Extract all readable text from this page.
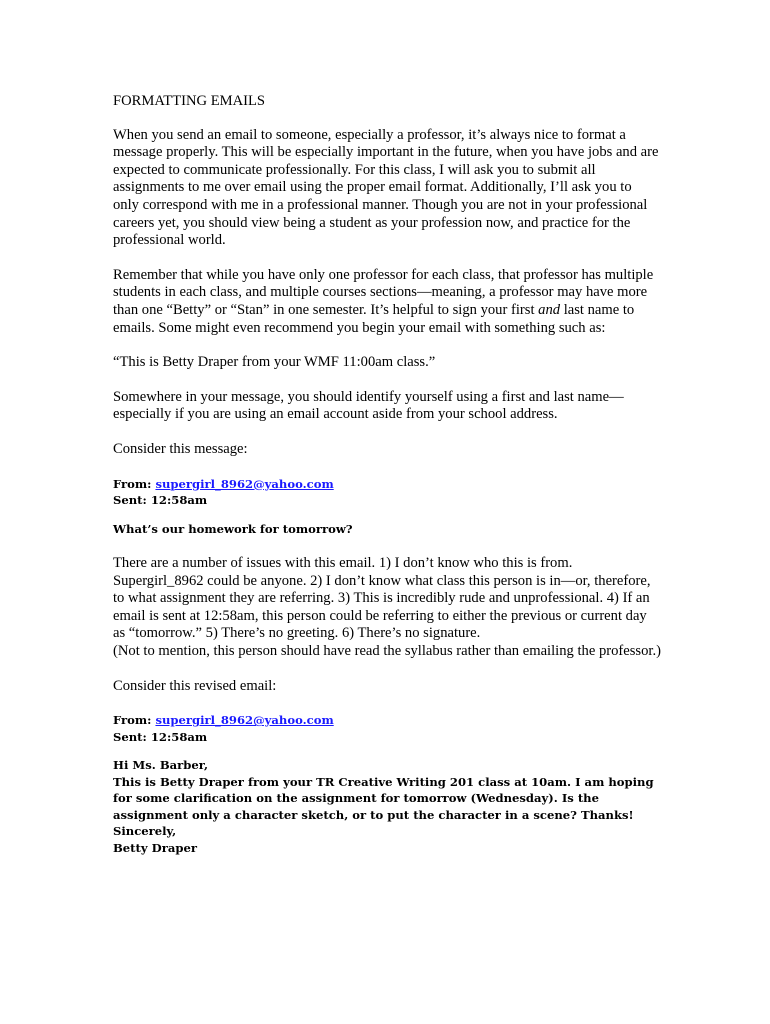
FORMATTING EMAILS

When you send an email to someone, especially a professor, it’s always nice to format a message properly. This will be especially important in the future, when you have jobs and are expected to communicate professionally. For this class, I will ask you to submit all assignments to me over email using the proper email format. Additionally, I’ll ask you to only correspond with me in a professional manner. Though you are not in your professional careers yet, you should view being a student as your profession now, and practice for the professional world.

Remember that while you have only one professor for each class, that professor has multiple students in each class, and multiple courses sections—meaning, a professor may have more than one “Betty” or “Stan” in one semester. It’s helpful to sign your first and last name to emails. Some might even recommend you begin your email with something such as:

“This is Betty Draper from your WMF 11:00am class.”

Somewhere in your message, you should identify yourself using a first and last name—especially if you are using an email account aside from your school address.

Consider this message:

From: supergirl_8962@yahoo.com

Sent: 12:58am

What’s our homework for tomorrow?

There are a number of issues with this email. 1) I don’t know who this is from. Supergirl_8962 could be anyone. 2) I don’t know what class this person is in—or, therefore, to what assignment they are referring. 3) This is incredibly rude and unprofessional. 4) If an email is sent at 12:58am, this person could be referring to either the previous or current day as “tomorrow.” 5) There’s no greeting. 6) There’s no signature.

(Not to mention, this person should have read the syllabus rather than emailing the professor.)

Consider this revised email:

From: supergirl_8962@yahoo.com

Sent: 12:58am

Hi Ms. Barber,

This is Betty Draper from your TR Creative Writing 201 class at 10am. I am hoping for some clarification on the assignment for tomorrow (Wednesday). Is the assignment only a character sketch, or to put the character in a scene? Thanks!

Sincerely,

Betty Draper
